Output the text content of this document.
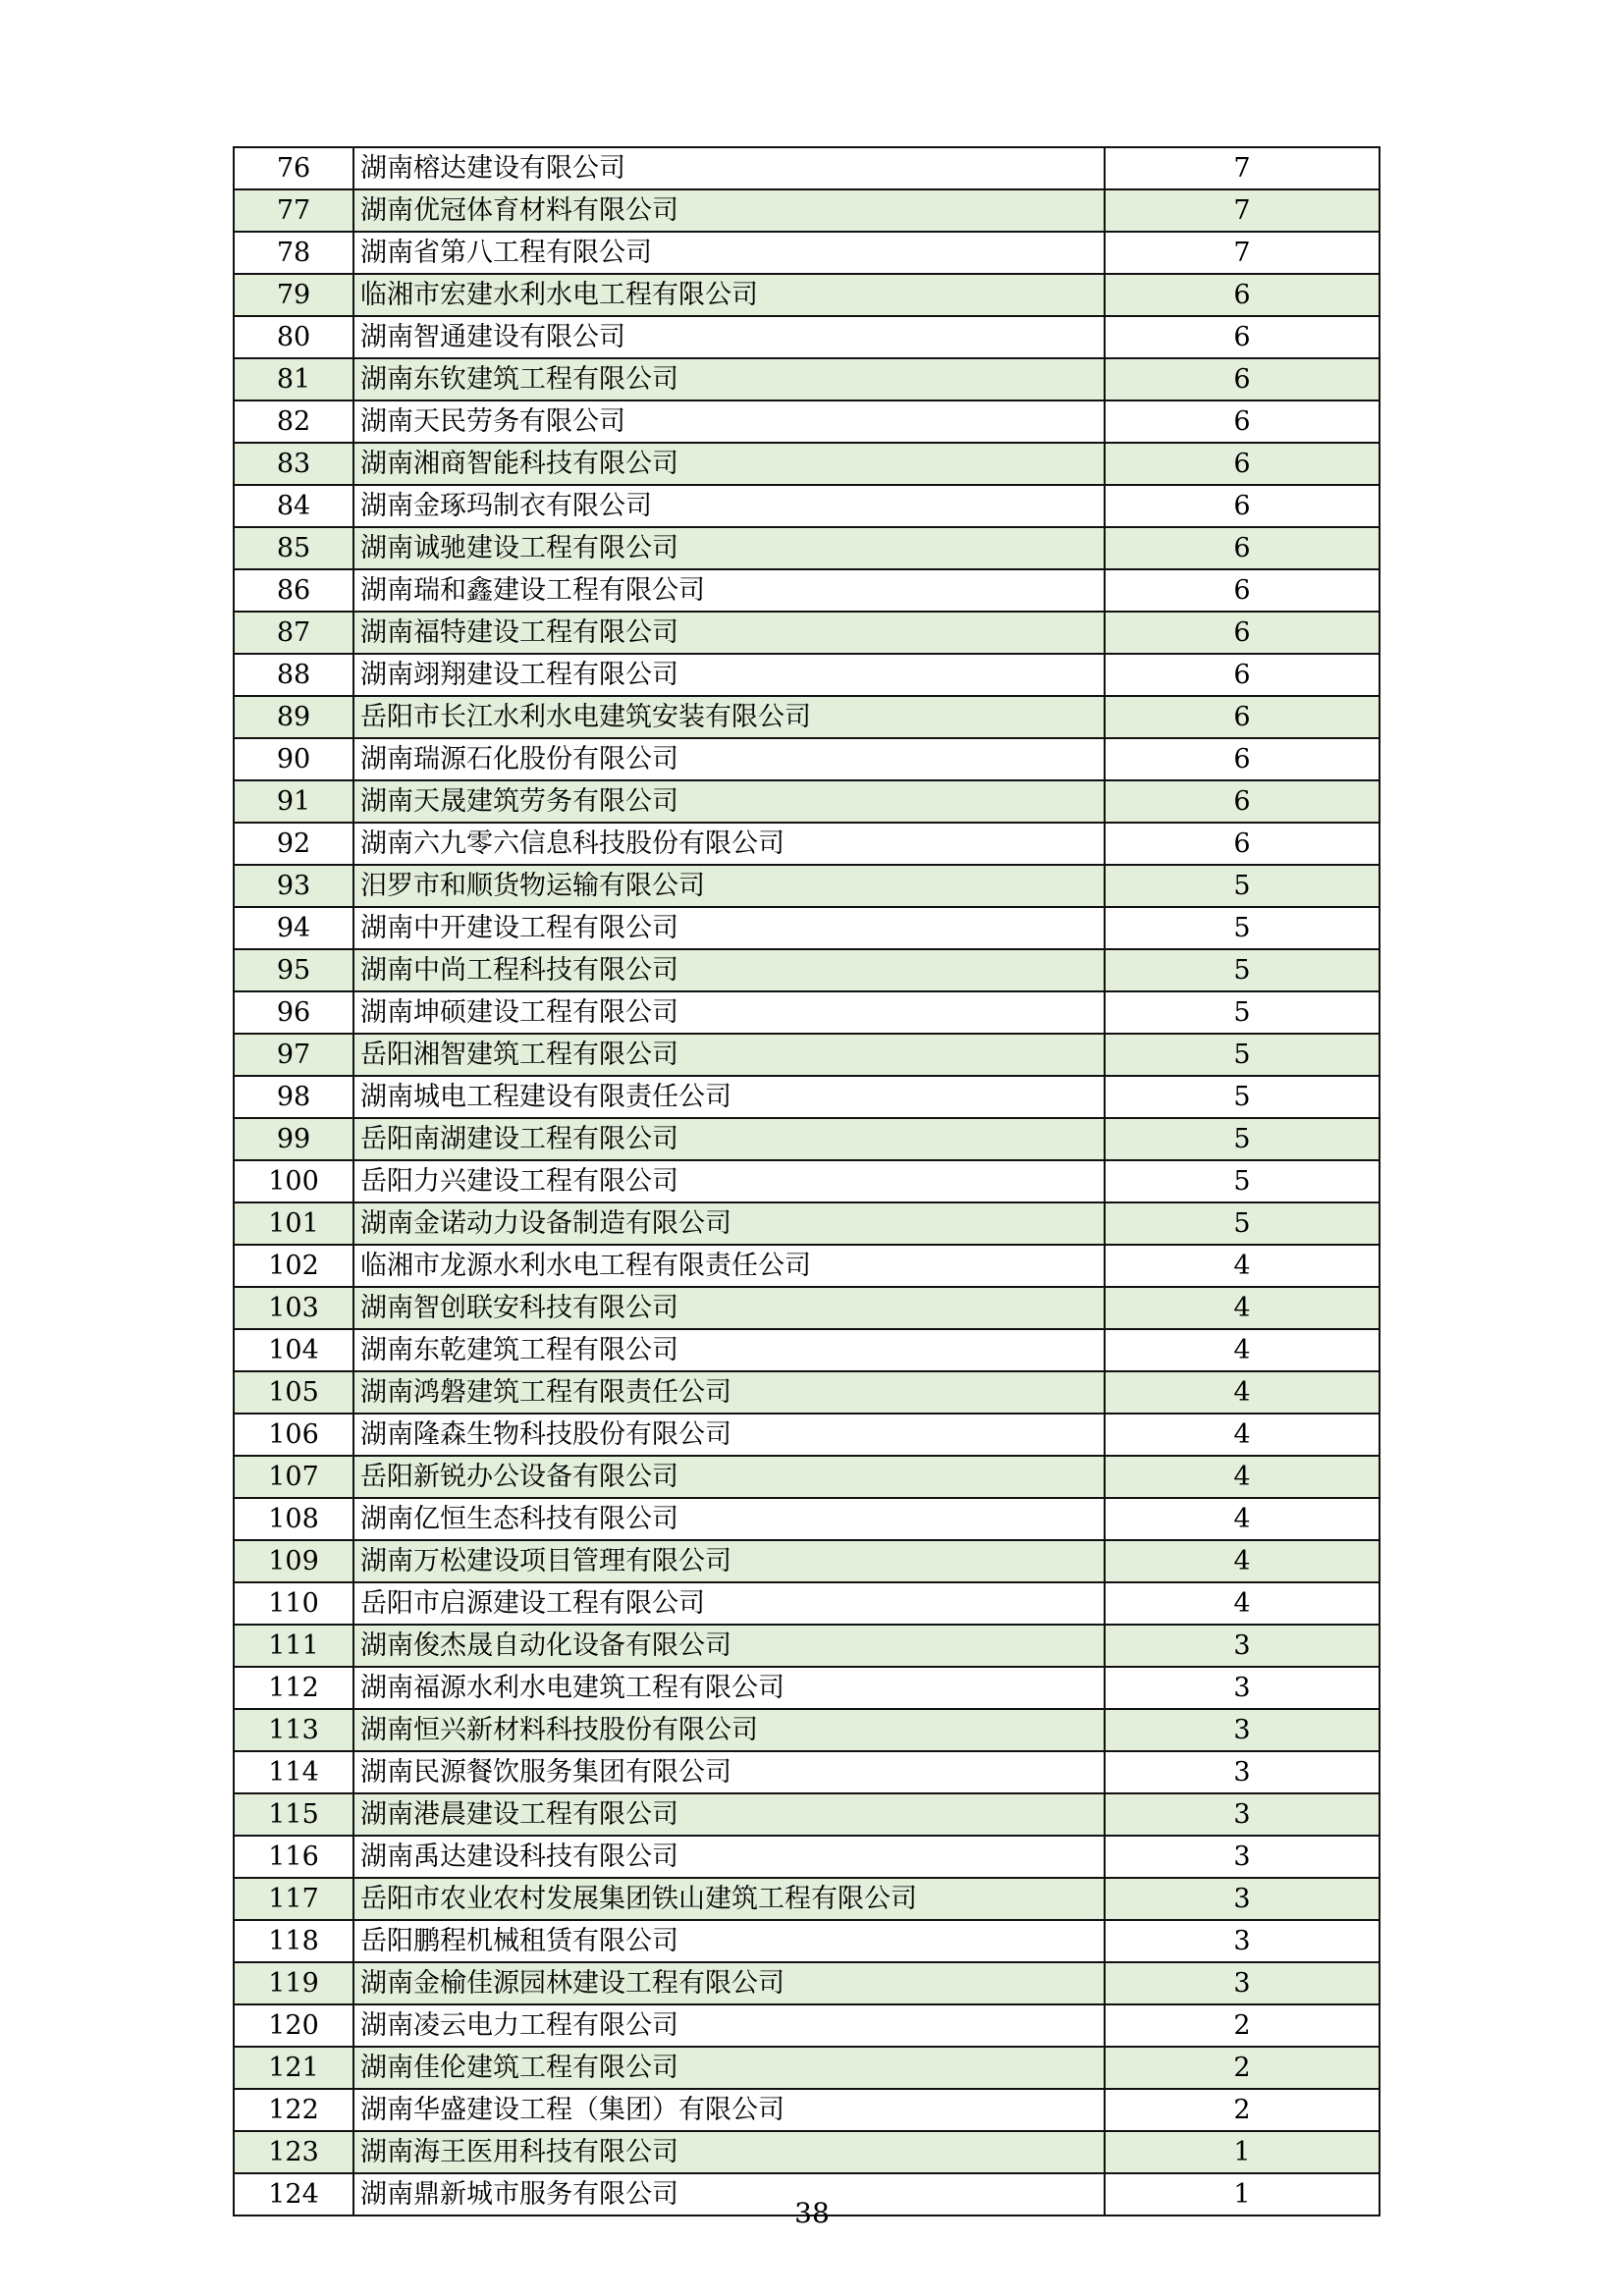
76	湖南榕达建设有限公司	7
77	湖南优冠体育材料有限公司	7
78	湖南省第八工程有限公司	7
79	临湘市宏建水利水电工程有限公司	6
80	湖南智通建设有限公司	6
81	湖南东钦建筑工程有限公司	6
82	湖南天民劳务有限公司	6
83	湖南湘商智能科技有限公司	6
84	湖南金琢玛制衣有限公司	6
85	湖南诚驰建设工程有限公司	6
86	湖南瑞和鑫建设工程有限公司	6
87	湖南福特建设工程有限公司	6
88	湖南翊翔建设工程有限公司	6
89	岳阳市长江水利水电建筑安装有限公司	6
90	湖南瑞源石化股份有限公司	6
91	湖南天晟建筑劳务有限公司	6
92	湖南六九零六信息科技股份有限公司	6
93	汨罗市和顺货物运输有限公司	5
94	湖南中开建设工程有限公司	5
95	湖南中尚工程科技有限公司	5
96	湖南坤硕建设工程有限公司	5
97	岳阳湘智建筑工程有限公司	5
98	湖南城电工程建设有限责任公司	5
99	岳阳南湖建设工程有限公司	5
100	岳阳力兴建设工程有限公司	5
101	湖南金诺动力设备制造有限公司	5
102	临湘市龙源水利水电工程有限责任公司	4
103	湖南智创联安科技有限公司	4
104	湖南东乾建筑工程有限公司	4
105	湖南鸿磐建筑工程有限责任公司	4
106	湖南隆森生物科技股份有限公司	4
107	岳阳新锐办公设备有限公司	4
108	湖南亿恒生态科技有限公司	4
109	湖南万松建设项目管理有限公司	4
110	岳阳市启源建设工程有限公司	4
111	湖南俊杰晟自动化设备有限公司	3
112	湖南福源水利水电建筑工程有限公司	3
113	湖南恒兴新材料科技股份有限公司	3
114	湖南民源餐饮服务集团有限公司	3
115	湖南港晨建设工程有限公司	3
116	湖南禹达建设科技有限公司	3
117	岳阳市农业农村发展集团铁山建筑工程有限公司	3
118	岳阳鹏程机械租赁有限公司	3
119	湖南金榆佳源园林建设工程有限公司	3
120	湖南凌云电力工程有限公司	2
121	湖南佳伦建筑工程有限公司	2
122	湖南华盛建设工程（集团）有限公司	2
123	湖南海王医用科技有限公司	1
124	湖南鼎新城市服务有限公司	1
38
